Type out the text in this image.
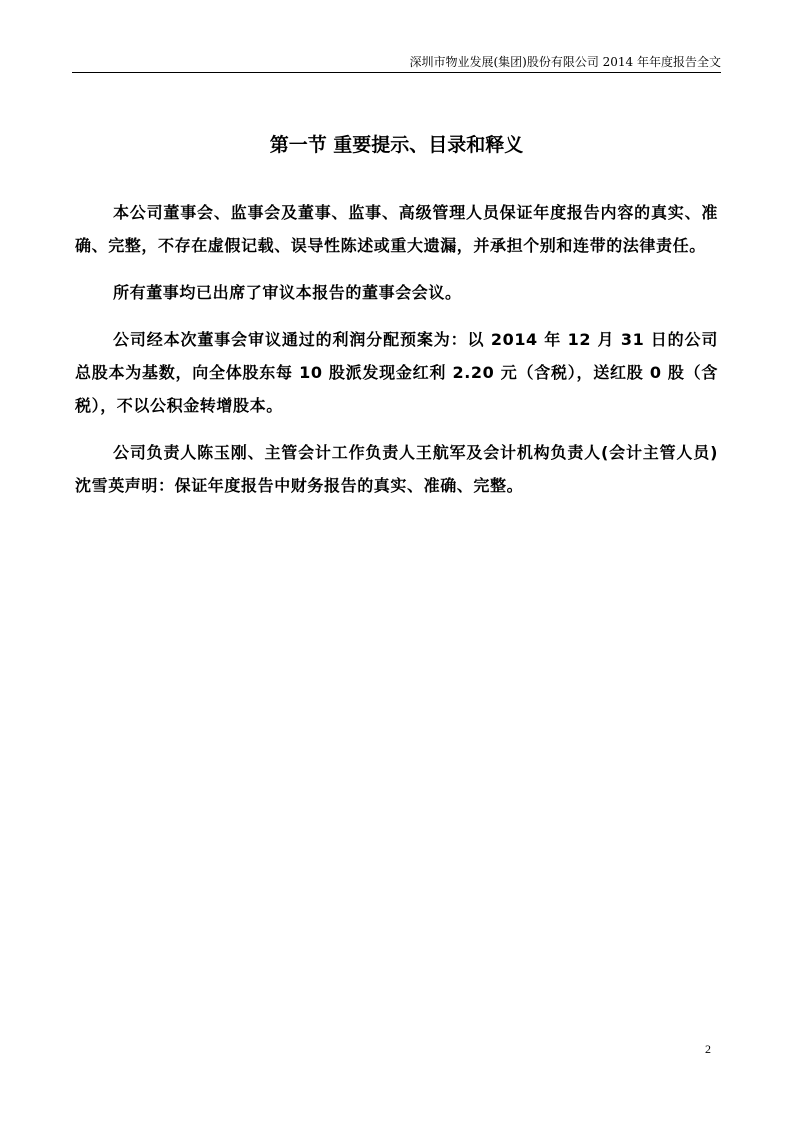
深圳市物业发展(集团)股份有限公司 2014 年年度报告全文
第一节 重要提示、目录和释义

本公司董事会、监事会及董事、监事、高级管理人员保证年度报告内容的真实、准确、完整，不存在虚假记载、误导性陈述或重大遗漏，并承担个别和连带的法律责任。

所有董事均已出席了审议本报告的董事会会议。

公司经本次董事会审议通过的利润分配预案为：以 2014 年 12 月 31 日的公司总股本为基数，向全体股东每 10 股派发现金红利 2.20 元（含税），送红股 0 股（含税），不以公积金转增股本。

公司负责人陈玉刚、主管会计工作负责人王航军及会计机构负责人(会计主管人员)沈雪英声明：保证年度报告中财务报告的真实、准确、完整。

2
